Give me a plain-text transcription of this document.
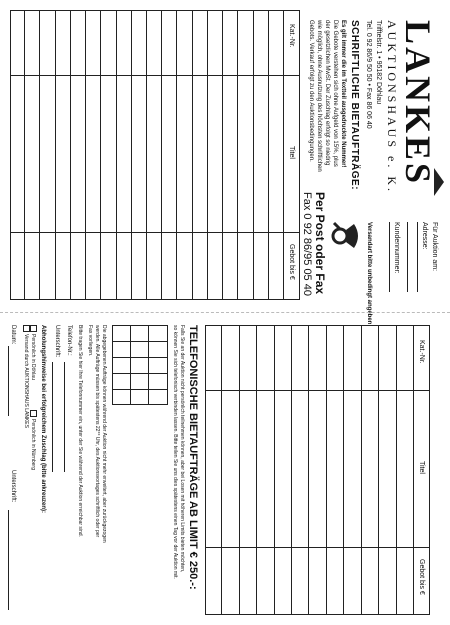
LANKES
AUKTIONSHAUS e. K.
Trifftelstr. 1 • 95182 Döhlau
Tel. 0 92 86/9 50 50 • Fax 86 06 40
Für Auktion am:
Adresse:
Kundennummer:
Versandart bitte unbedingt angeben!
SCHRIFTLICHE BIETAUFTRÄGE:
Es gilt immer die im Textteil ausgedruckte Nummer!
Die Gebote verstehen sich ohne Aufgeld von 15%, plus
der gesetzlichen MwSt. Der Zuschlag erfolgt so niedrig
wie möglich, ohne Ausnutzung des höchsten schriftlichen
Gebots. Verkauf erfolgt zu den Auktionsbedingungen.
Per Post oder Fax
Fax 0 92 86/95 05 40
Kat.-Nr.
Titel
Gebot bis €
Kat.-Nr.
Titel
Gebot bis €
TELEFONISCHE BIETAUFTRÄGE AB LIMIT € 250.-:
Falls Sie an der Auktion nicht persönlich teilnehmen können, aber bei Losen mit höheren Limits bieten möchten,
so können Sie sich telefonisch verbinden lassen. Bitte teilen Sie uns dies spätestens einen Tag vor der Auktion mit.
Die abgegebenen Aufträge können während der Auktion nicht mehr erweitert, aber zurückgezogen
werden. Alle Aufträge müssen bis spätestens 22°° Uhr, des Auktionsvortages schriftlich oder per
Fax vorliegen.
Bitte tragen Sie hier Ihre Telefonnummer ein, unter der Sie während der Auktion erreichbar sind.
Telefon-Nr.:
Unterschrift:
Abholungshinweise bei erfolgreichem Zuschlag (bitte ankreuzen):
Persönlich in Döhlau
Persönlich in Nürnberg
Versand durch AUKTIONSHAUS LANKES
Datum:
Unterschrift:
